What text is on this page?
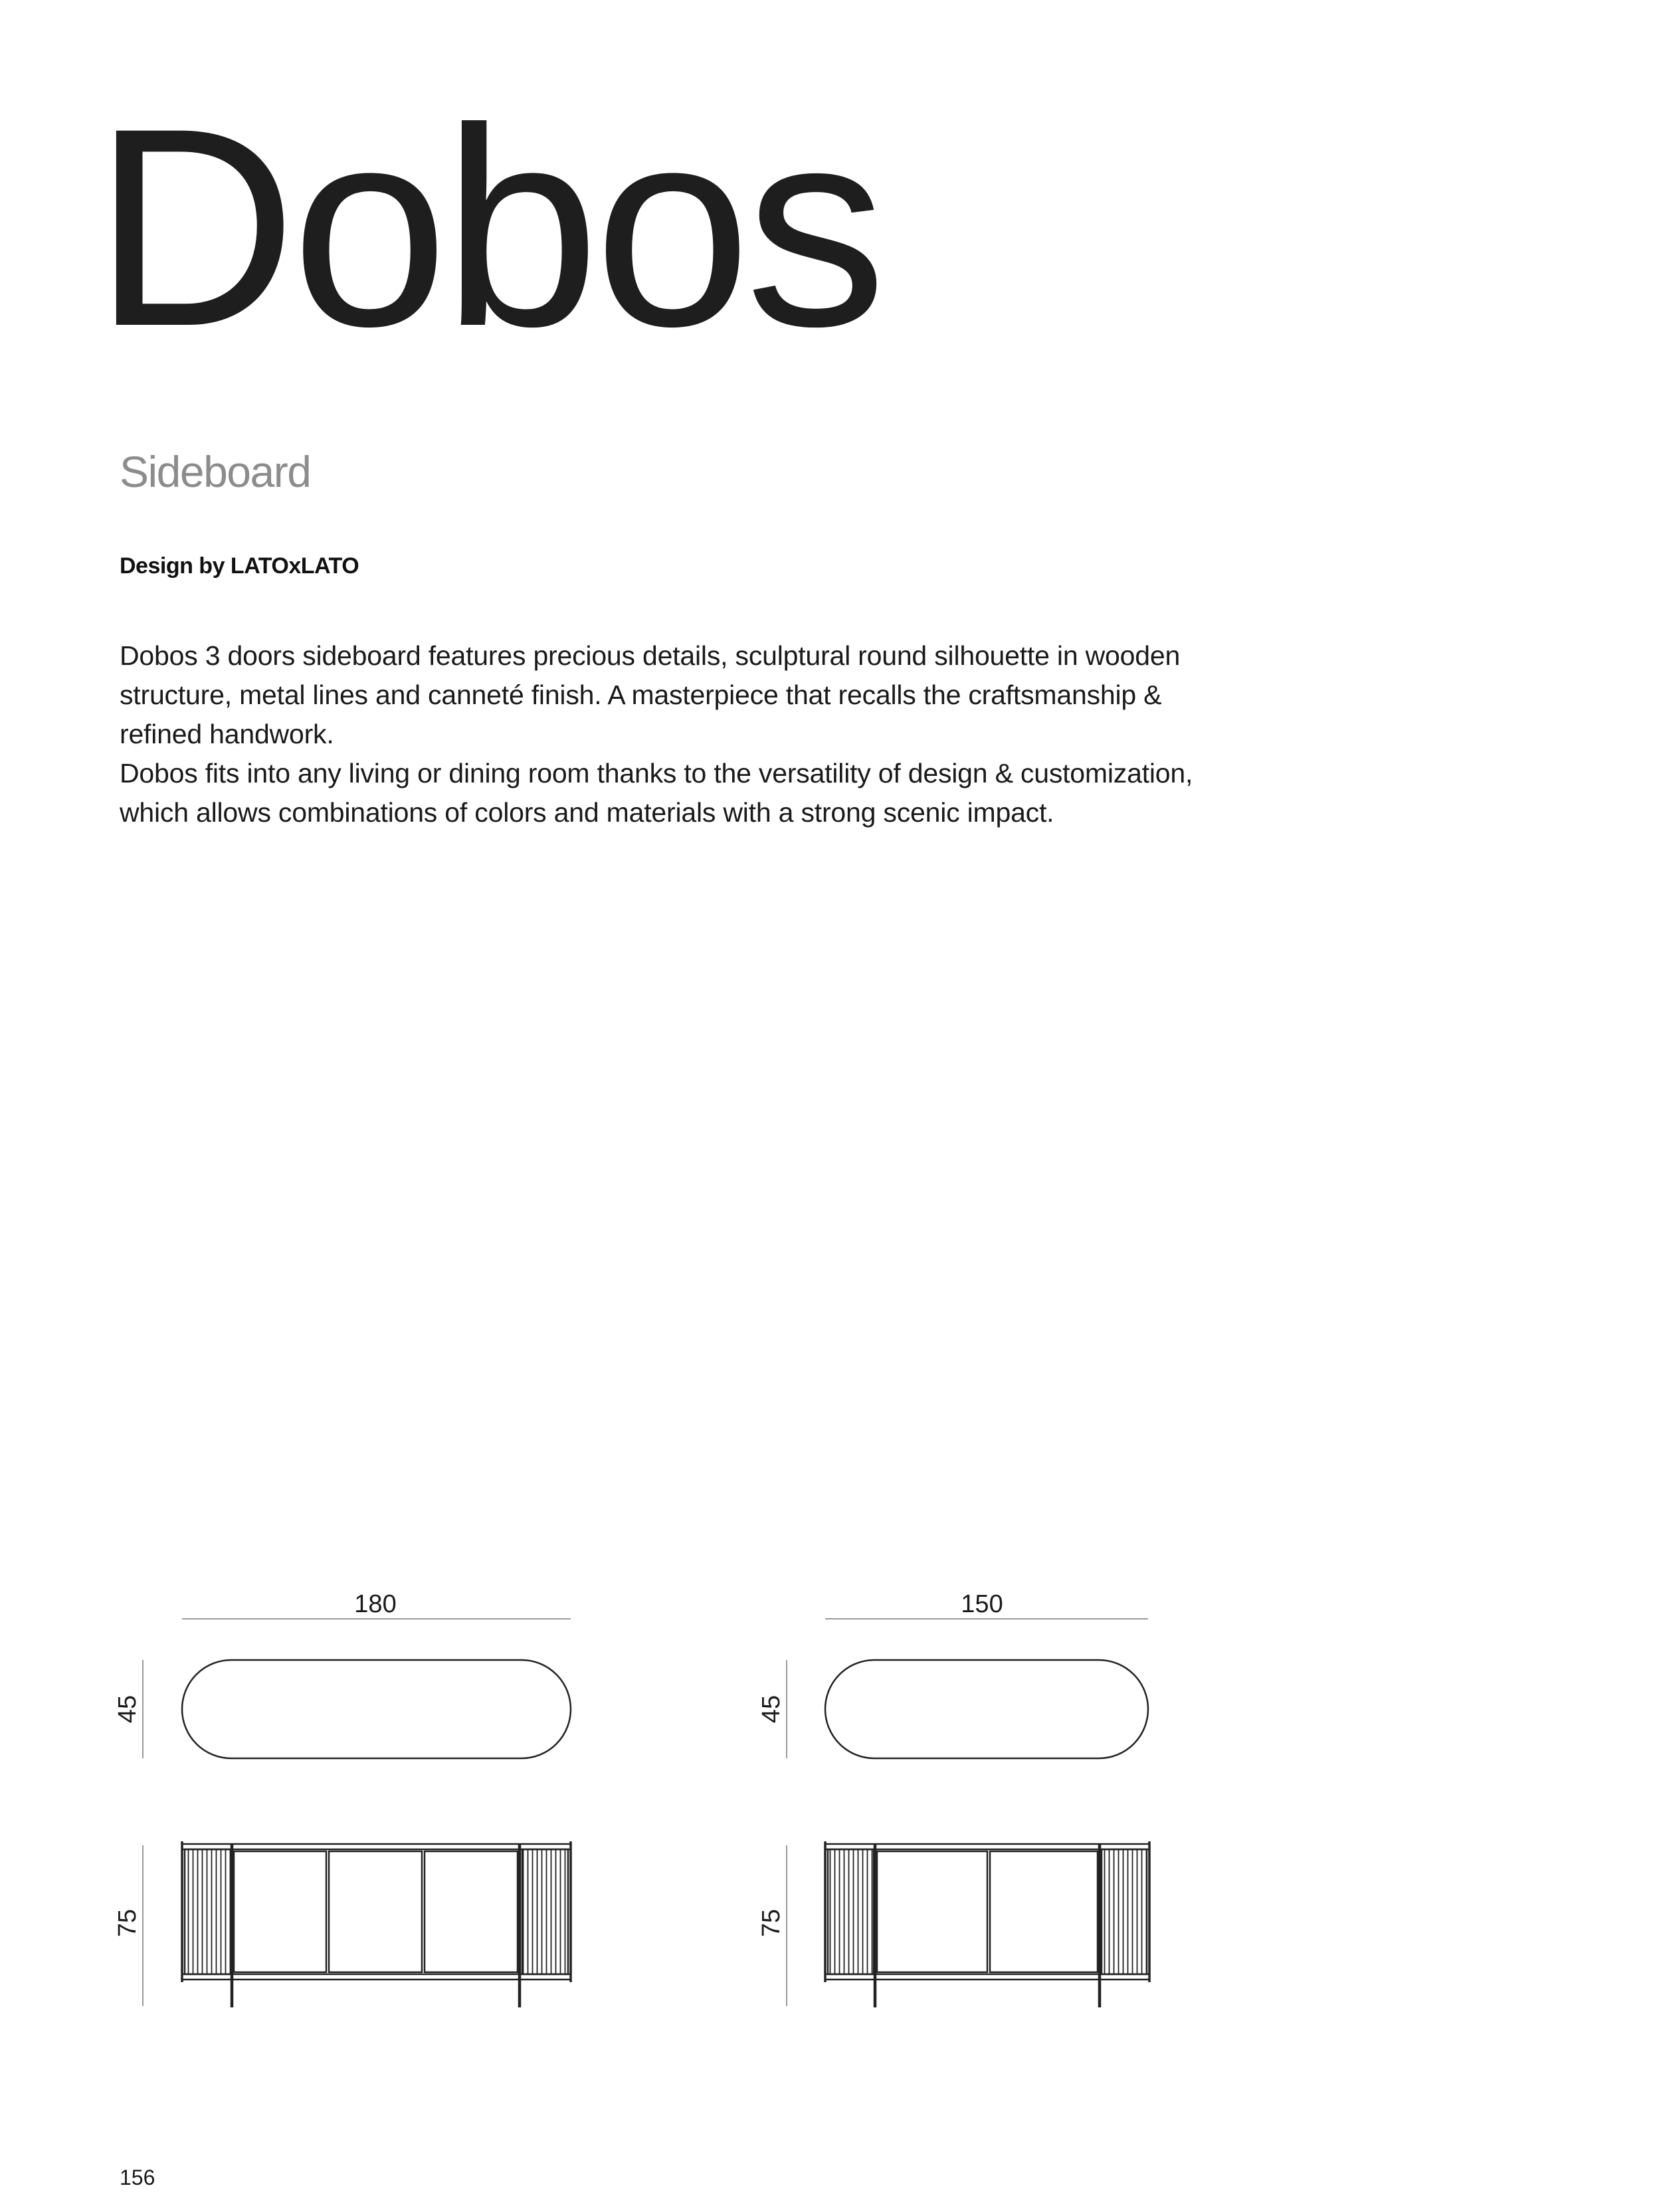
Dobos
Sideboard
Design by LATOxLATO
Dobos 3 doors sideboard features precious details, sculptural round silhouette in wooden
structure, metal lines and canneté finish. A masterpiece that recalls the craftsmanship &
refined handwork.
Dobos fits into any living or dining room thanks to the versatility of design & customization,
which allows combinations of colors and materials with a strong scenic impact.
180
45
75
150
45
75
156
